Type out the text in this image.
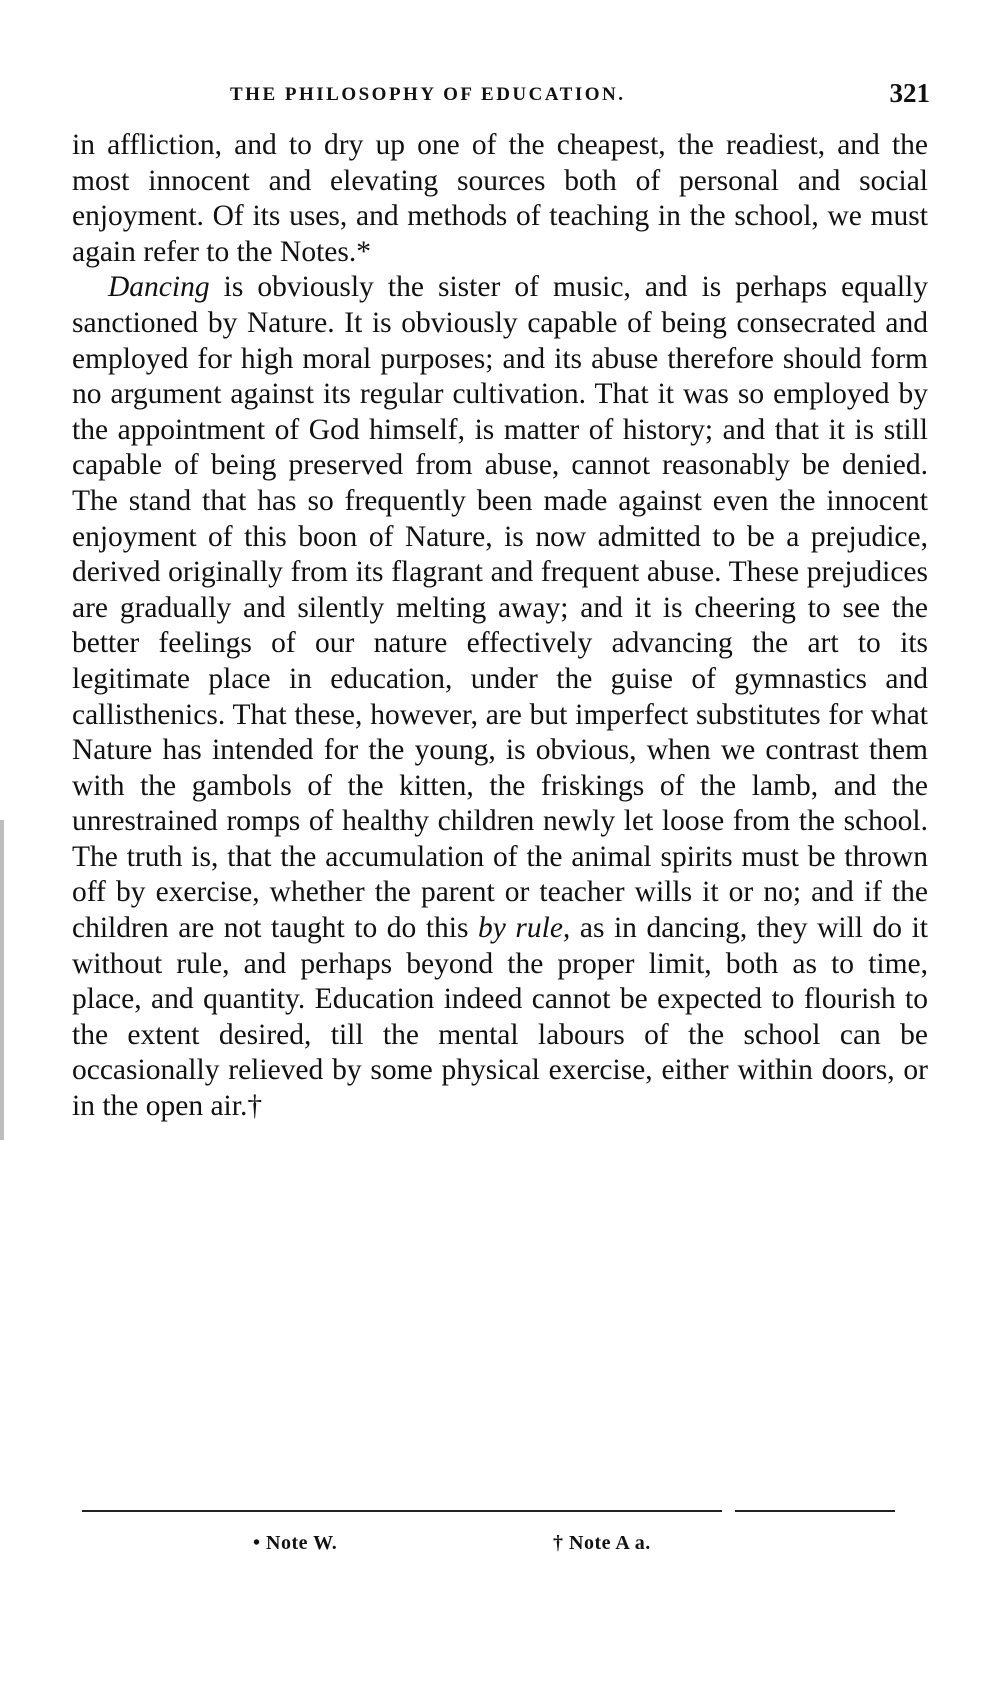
THE PHILOSOPHY OF EDUCATION.	321

in affliction, and to dry up one of the cheapest, the readiest, and the most innocent and elevating sources both of personal and social enjoyment. Of its uses, and methods of teaching in the school, we must again refer to the Notes.*

Dancing is obviously the sister of music, and is perhaps equally sanctioned by Nature. It is obviously capable of being consecrated and employed for high moral purposes; and its abuse therefore should form no argument against its regular cultivation. That it was so employed by the appointment of God himself, is matter of history; and that it is still capable of being preserved from abuse, cannot reasonably be denied. The stand that has so frequently been made against even the innocent enjoyment of this boon of Nature, is now admitted to be a prejudice, derived originally from its flagrant and frequent abuse. These prejudices are gradually and silently melting away; and it is cheering to see the better feelings of our nature effectively advancing the art to its legitimate place in education, under the guise of gymnastics and callisthenics. That these, however, are but imperfect substitutes for what Nature has intended for the young, is obvious, when we contrast them with the gambols of the kitten, the friskings of the lamb, and the unrestrained romps of healthy children newly let loose from the school. The truth is, that the accumulation of the animal spirits must be thrown off by exercise, whether the parent or teacher wills it or no; and if the children are not taught to do this by rule, as in dancing, they will do it without rule, and perhaps beyond the proper limit, both as to time, place, and quantity. Education indeed cannot be expected to flourish to the extent desired, till the mental labours of the school can be occasionally relieved by some physical exercise, either within doors, or in the open air.†

• Note W.	† Note A a.
